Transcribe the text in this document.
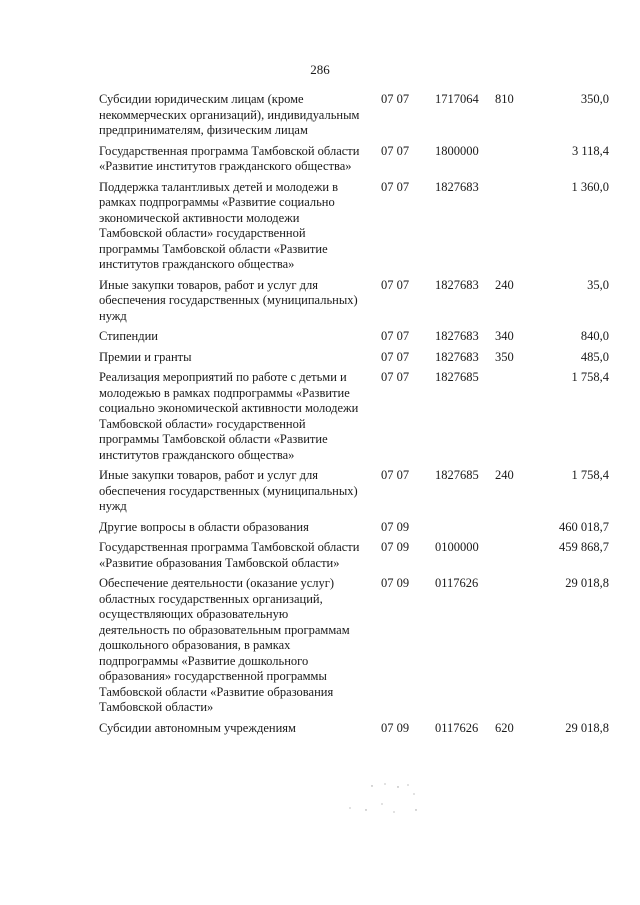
286
Субсидии юридическим лицам (кроме некоммерческих организаций), индивидуальным предпринимателям, физическим лицам
07 07 1717064 810	350,0
Государственная программа Тамбовской области «Развитие институтов гражданского общества»
07 07 1800000	3 118,4
Поддержка талантливых детей и молодежи в рамках подпрограммы «Развитие социально экономической активности молодежи Тамбовской области» государственной программы Тамбовской области «Развитие институтов гражданского общества»
07 07 1827683	1 360,0
Иные закупки товаров, работ и услуг для обеспечения государственных (муниципальных) нужд
07 07 1827683 240	35,0
Стипендии	07 07 1827683 340	840,0
Премии и гранты	07 07 1827683 350	485,0
Реализация мероприятий по работе с детьми и молодежью в рамках подпрограммы «Развитие социально экономической активности молодежи Тамбовской области» государственной программы Тамбовской области «Развитие институтов гражданского общества»
07 07 1827685	1 758,4
Иные закупки товаров, работ и услуг для обеспечения государственных (муниципальных) нужд
07 07 1827685 240	1 758,4
Другие вопросы в области образования	07 09	460 018,7
Государственная программа Тамбовской области «Развитие образования Тамбовской области»
07 09 0100000	459 868,7
Обеспечение деятельности (оказание услуг) областных государственных организаций, осуществляющих образовательную деятельность по образовательным программам дошкольного образования, в рамках подпрограммы «Развитие дошкольного образования» государственной программы Тамбовской области «Развитие образования Тамбовской области»
07 09 0117626	29 018,8
Субсидии автономным учреждениям	07 09 0117626 620	29 018,8
